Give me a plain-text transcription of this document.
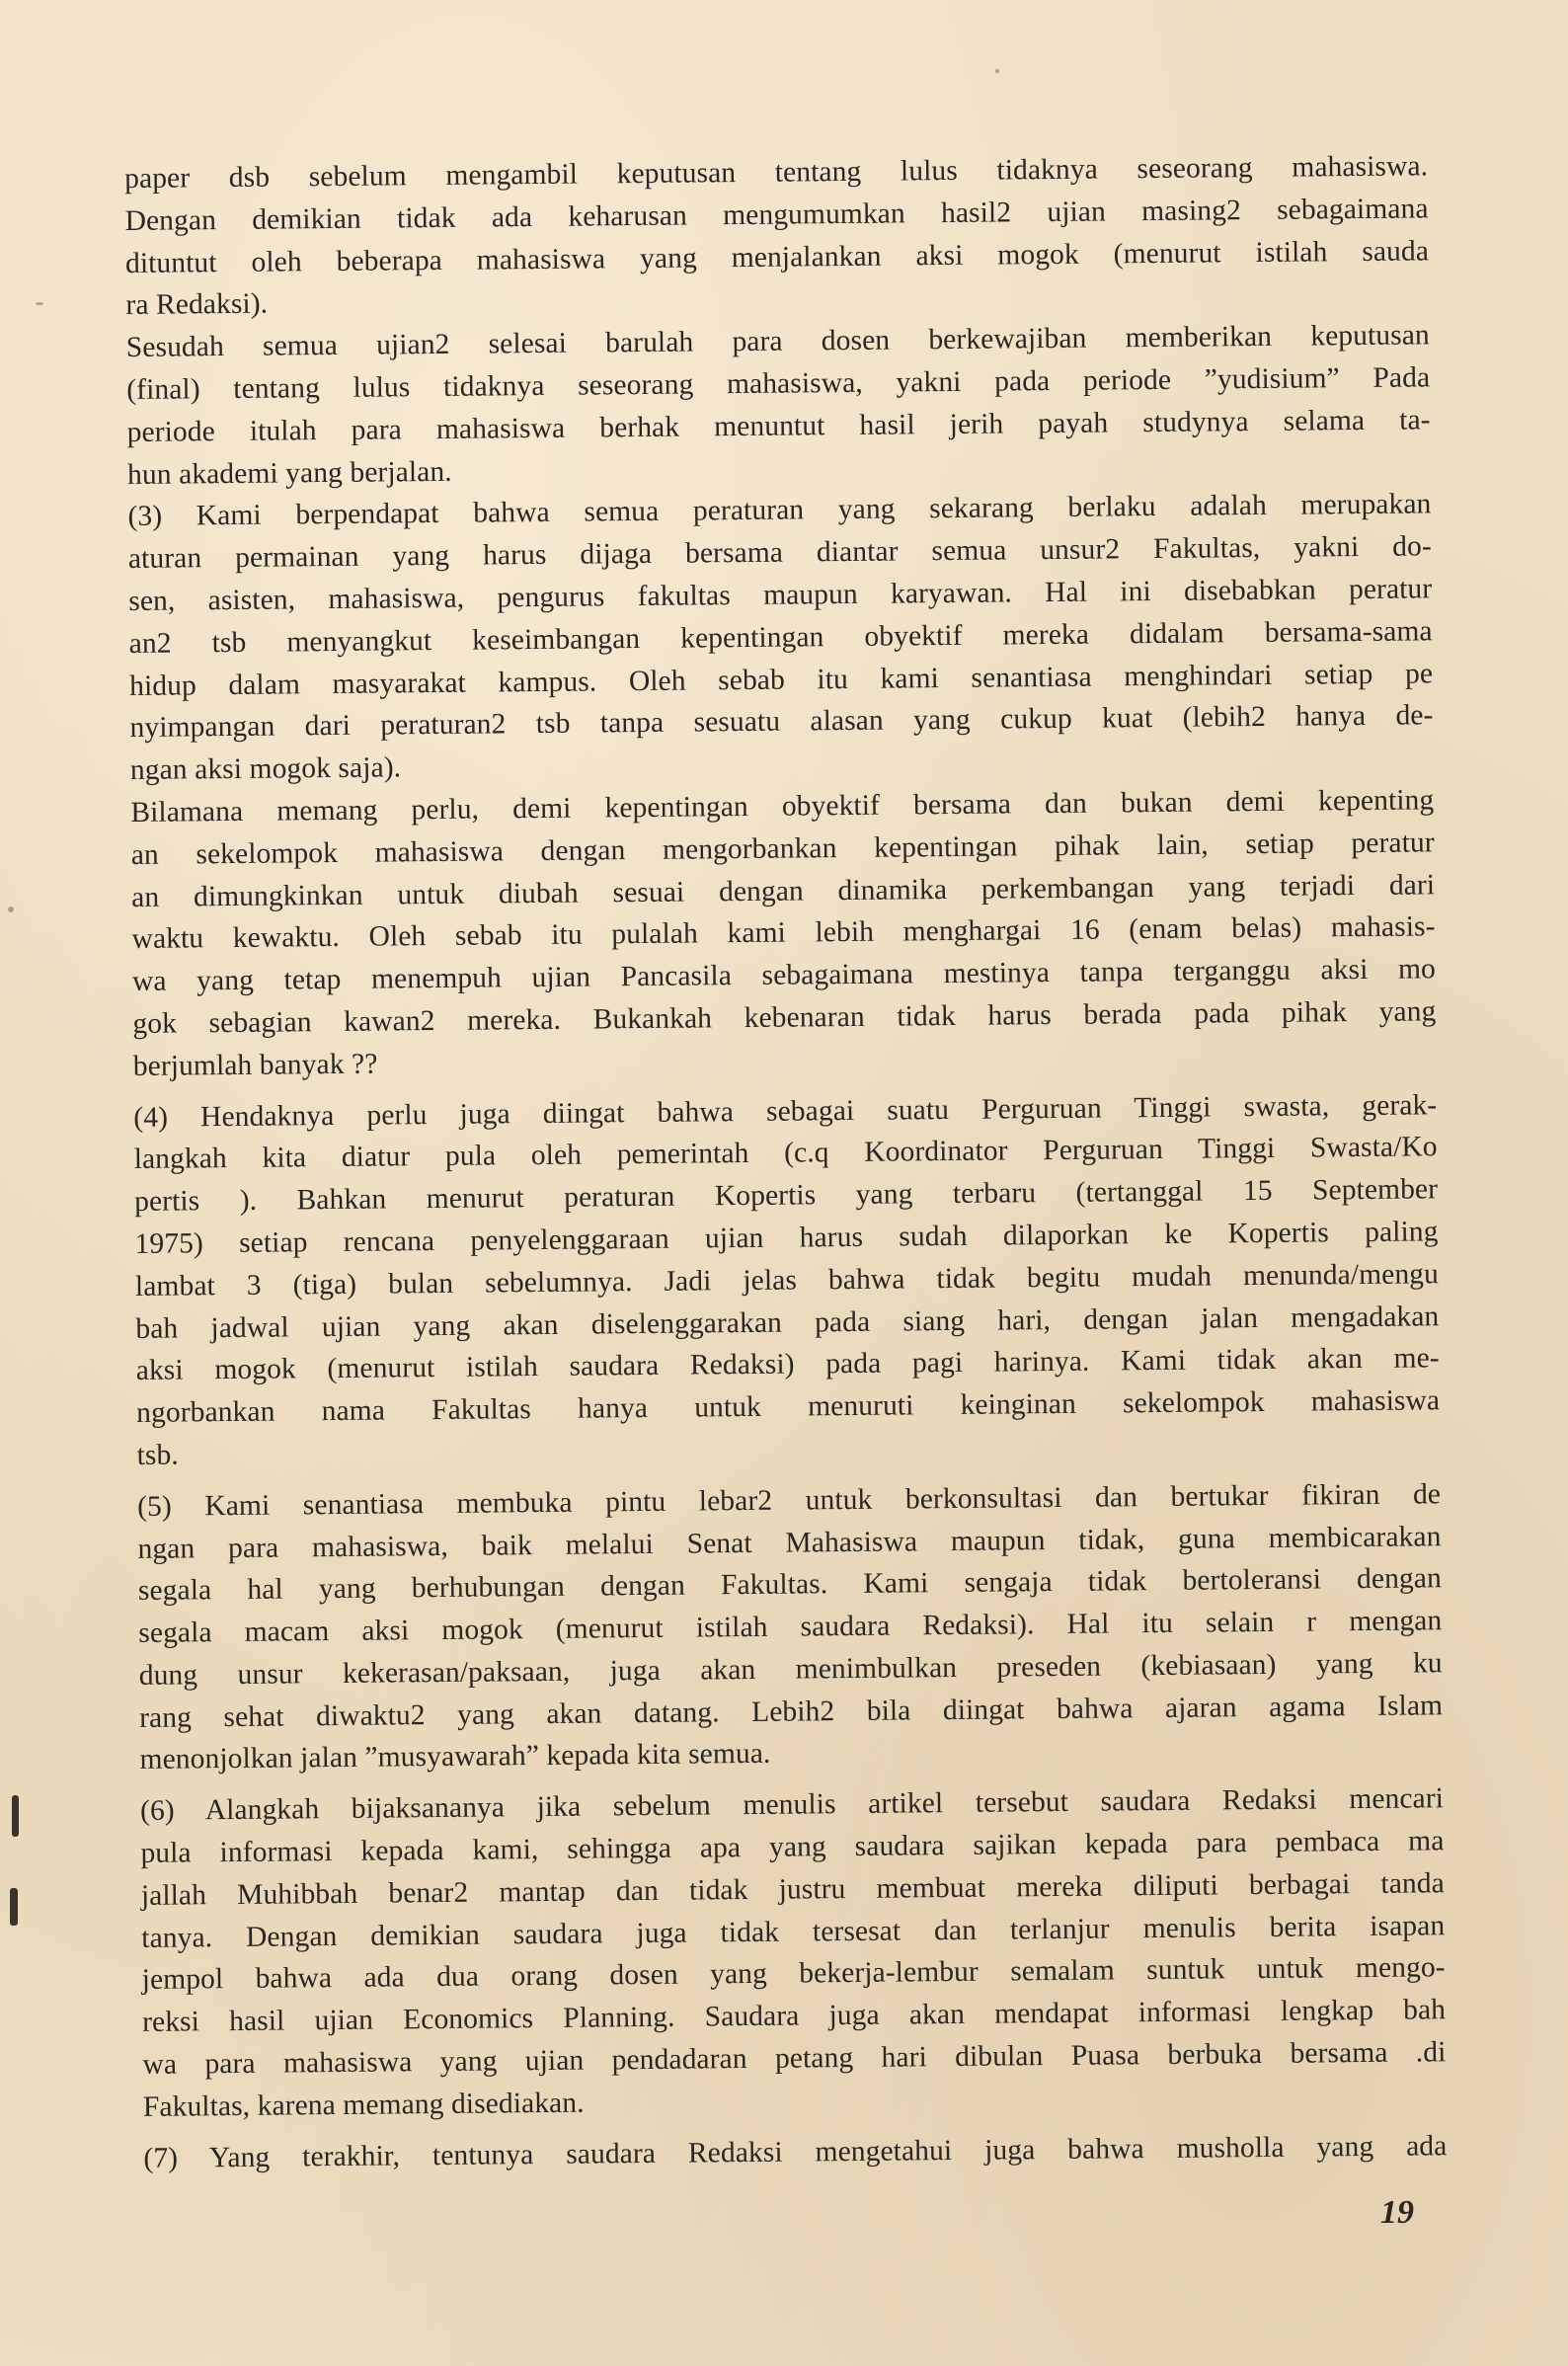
paper dsb sebelum mengambil keputusan tentang lulus tidaknya seseorang mahasiswa.
Dengan demikian tidak ada keharusan mengumumkan hasil2 ujian masing2 sebagaimana
dituntut oleh beberapa mahasiswa yang menjalankan aksi mogok (menurut istilah sauda
ra Redaksi).
Sesudah semua ujian2 selesai barulah para dosen berkewajiban memberikan keputusan
(final) tentang lulus tidaknya seseorang mahasiswa, yakni pada periode ”yudisium” Pada
periode itulah para mahasiswa berhak menuntut hasil jerih payah studynya selama ta-
hun akademi yang berjalan.
(3) Kami berpendapat bahwa semua peraturan yang sekarang berlaku adalah merupakan
aturan permainan yang harus dijaga bersama diantar semua unsur2 Fakultas, yakni do-
sen, asisten, mahasiswa, pengurus fakultas maupun karyawan. Hal ini disebabkan peratur
an2 tsb menyangkut keseimbangan kepentingan obyektif mereka didalam bersama-sama
hidup dalam masyarakat kampus. Oleh sebab itu kami senantiasa menghindari setiap pe
nyimpangan dari peraturan2 tsb tanpa sesuatu alasan yang cukup kuat (lebih2 hanya de-
ngan aksi mogok saja).
Bilamana memang perlu, demi kepentingan obyektif bersama dan bukan demi kepenting
an sekelompok mahasiswa dengan mengorbankan kepentingan pihak lain, setiap peratur
an dimungkinkan untuk diubah sesuai dengan dinamika perkembangan yang terjadi dari
waktu kewaktu. Oleh sebab itu pulalah kami lebih menghargai 16 (enam belas) mahasis-
wa yang tetap menempuh ujian Pancasila sebagaimana mestinya tanpa terganggu aksi mo
gok sebagian kawan2 mereka. Bukankah kebenaran tidak harus berada pada pihak yang
berjumlah banyak ??
(4) Hendaknya perlu juga diingat bahwa sebagai suatu Perguruan Tinggi swasta, gerak-
langkah kita diatur pula oleh pemerintah (c.q Koordinator Perguruan Tinggi Swasta/Ko
pertis ). Bahkan menurut peraturan Kopertis yang terbaru (tertanggal 15 September
1975) setiap rencana penyelenggaraan ujian harus sudah dilaporkan ke Kopertis paling
lambat 3 (tiga) bulan sebelumnya. Jadi jelas bahwa tidak begitu mudah menunda/mengu
bah jadwal ujian yang akan diselenggarakan pada siang hari, dengan jalan mengadakan
aksi mogok (menurut istilah saudara Redaksi) pada pagi harinya. Kami tidak akan me-
ngorbankan nama Fakultas hanya untuk menuruti keinginan sekelompok mahasiswa
tsb.
(5) Kami senantiasa membuka pintu lebar2 untuk berkonsultasi dan bertukar fikiran de
ngan para mahasiswa, baik melalui Senat Mahasiswa maupun tidak, guna membicarakan
segala hal yang berhubungan dengan Fakultas. Kami sengaja tidak bertoleransi dengan
segala macam aksi mogok (menurut istilah saudara Redaksi). Hal itu selain r mengan
dung unsur kekerasan/paksaan, juga akan menimbulkan preseden (kebiasaan) yang ku
rang sehat diwaktu2 yang akan datang. Lebih2 bila diingat bahwa ajaran agama Islam
menonjolkan jalan ”musyawarah” kepada kita semua.
(6) Alangkah bijaksananya jika sebelum menulis artikel tersebut saudara Redaksi mencari
pula informasi kepada kami, sehingga apa yang saudara sajikan kepada para pembaca ma
jallah Muhibbah benar2 mantap dan tidak justru membuat mereka diliputi berbagai tanda
tanya. Dengan demikian saudara juga tidak tersesat dan terlanjur menulis berita isapan
jempol bahwa ada dua orang dosen yang bekerja-lembur semalam suntuk untuk mengo-
reksi hasil ujian Economics Planning. Saudara juga akan mendapat informasi lengkap bah
wa para mahasiswa yang ujian pendadaran petang hari dibulan Puasa berbuka bersama .di
Fakultas, karena memang disediakan.
(7) Yang terakhir, tentunya saudara Redaksi mengetahui juga bahwa musholla yang ada
19
